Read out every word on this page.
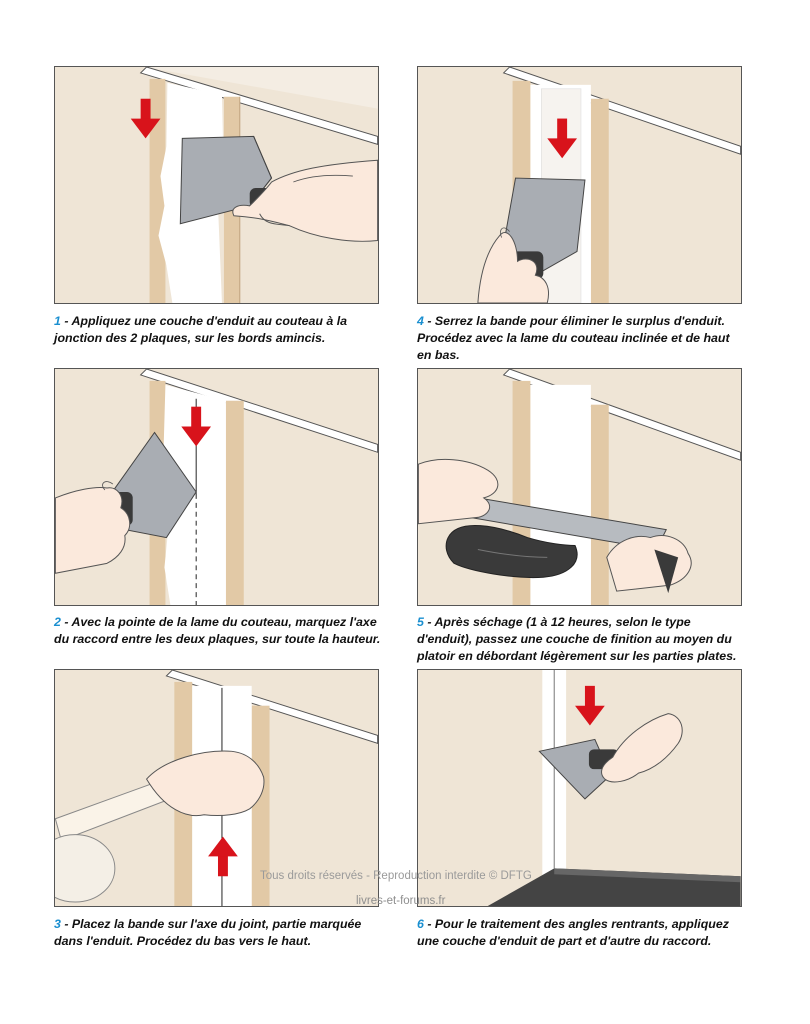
1 - Appliquez une couche d'enduit au couteau à la jonction des 2 plaques, sur les bords amincis.
4 - Serrez la bande pour éliminer le surplus d'enduit. Procédez avec la lame du couteau inclinée et de haut en bas.
2 - Avec la pointe de la lame du couteau, marquez l'axe du raccord entre les deux plaques, sur toute la hauteur.
5 - Après séchage (1 à 12 heures, selon le type d'enduit), passez une couche de finition au moyen du platoir en débordant légèrement sur les parties plates.
3 - Placez la bande sur l'axe du joint, partie marquée dans l'enduit. Procédez du bas vers le haut.
6 - Pour le traitement des angles rentrants, appliquez une couche d'enduit de part et d'autre du raccord.
Tous droits réservés - Reproduction interdite © DFTG
livres-et-forums.fr
